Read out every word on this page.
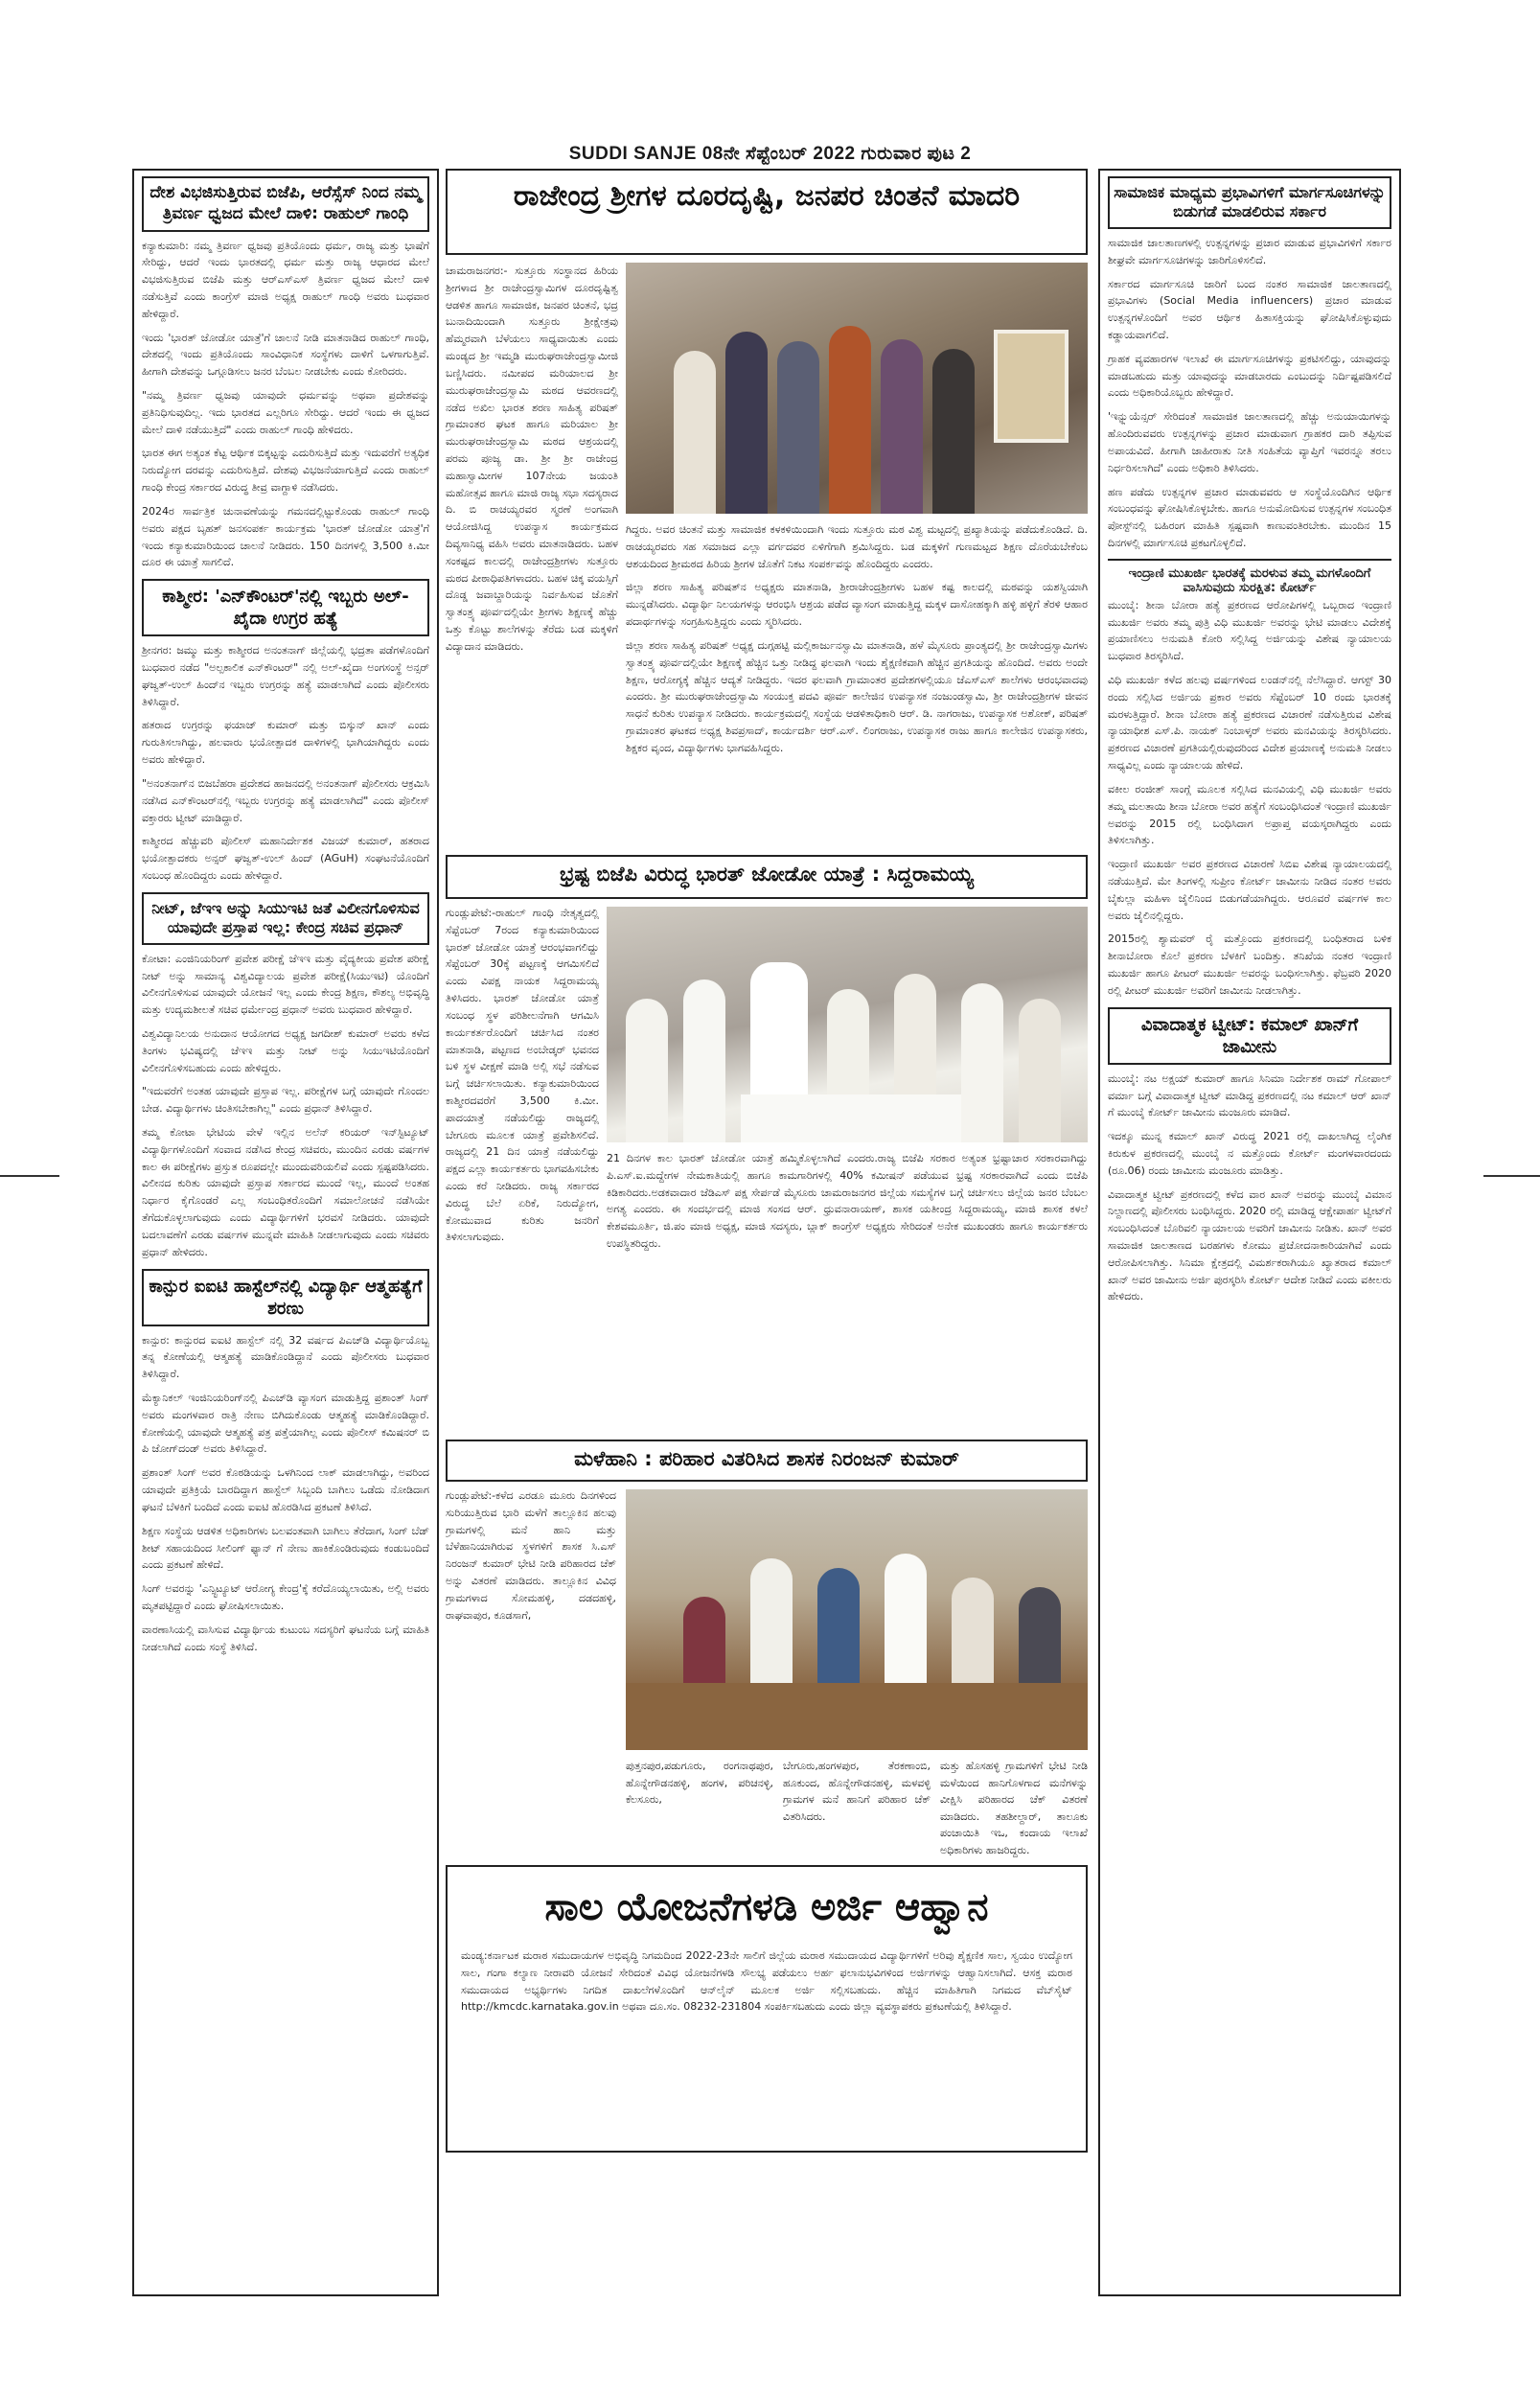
SUDDI SANJE 08ನೇ ಸೆಪ್ಟೆಂಬರ್ 2022 ಗುರುವಾರ ಪುಟ 2
ದೇಶ ವಿಭಜಿಸುತ್ತಿರುವ ಬಿಜೆಪಿ, ಆರೆಸ್ಸೆಸ್ ನಿಂದ ನಮ್ಮ ತ್ರಿವರ್ಣ ಧ್ವಜದ ಮೇಲೆ ದಾಳಿ: ರಾಹುಲ್ ಗಾಂಧಿ

ಕನ್ಯಾಕುಮಾರಿ: ನಮ್ಮ ತ್ರಿವರ್ಣ ಧ್ವಜವು ಪ್ರತಿಯೊಂದು ಧರ್ಮ, ರಾಜ್ಯ ಮತ್ತು ಭಾಷೆಗೆ ಸೇರಿದ್ದು, ಆದರೆ ಇಂದು ಭಾರತದಲ್ಲಿ ಧರ್ಮ ಮತ್ತು ರಾಜ್ಯ ಆಧಾರದ ಮೇಲೆ ವಿಭಜಿಸುತ್ತಿರುವ ಬಿಜೆಪಿ ಮತ್ತು ಆರ್‌ಎಸ್‌ಎಸ್ ತ್ರಿವರ್ಣ ಧ್ವಜದ ಮೇಲೆ ದಾಳಿ ನಡೆಸುತ್ತಿವೆ ಎಂದು ಕಾಂಗ್ರೆಸ್ ಮಾಜಿ ಅಧ್ಯಕ್ಷ ರಾಹುಲ್ ಗಾಂಧಿ ಅವರು ಬುಧವಾರ ಹೇಳಿದ್ದಾರೆ.

ಇಂದು 'ಭಾರತ್ ಜೋಡೋ ಯಾತ್ರೆ'ಗೆ ಚಾಲನೆ ನೀಡಿ ಮಾತನಾಡಿದ ರಾಹುಲ್ ಗಾಂಧಿ, ದೇಶದಲ್ಲಿ ಇಂದು ಪ್ರತಿಯೊಂದು ಸಾಂವಿಧಾನಿಕ ಸಂಸ್ಥೆಗಳು ದಾಳಿಗೆ ಒಳಗಾಗುತ್ತಿವೆ. ಹೀಗಾಗಿ ದೇಶವನ್ನು ಒಗ್ಗೂಡಿಸಲು ಜನರ ಬೆಂಬಲ ನೀಡಬೇಕು ಎಂದು ಕೋರಿದರು.

"ನಮ್ಮ ತ್ರಿವರ್ಣ ಧ್ವಜವು ಯಾವುದೇ ಧರ್ಮವನ್ನು ಅಥವಾ ಪ್ರದೇಶವನ್ನು ಪ್ರತಿನಿಧಿಸುವುದಿಲ್ಲ. ಇದು ಭಾರತದ ಎಲ್ಲರಿಗೂ ಸೇರಿದ್ದು. ಆದರೆ ಇಂದು ಈ ಧ್ವಜದ ಮೇಲೆ ದಾಳಿ ನಡೆಯುತ್ತಿದೆ" ಎಂದು ರಾಹುಲ್ ಗಾಂಧಿ ಹೇಳಿದರು.

ಭಾರತ ಈಗ ಅತ್ಯಂತ ಕೆಟ್ಟ ಆರ್ಥಿಕ ಬಿಕ್ಕಟ್ಟನ್ನು ಎದುರಿಸುತ್ತಿದೆ ಮತ್ತು ಇದುವರೆಗೆ ಅತ್ಯಧಿಕ ನಿರುದ್ಯೋಗ ದರವನ್ನು ಎದುರಿಸುತ್ತಿದೆ. ದೇಶವು ವಿಭಜನೆಯಾಗುತ್ತಿದೆ ಎಂದು ರಾಹುಲ್ ಗಾಂಧಿ ಕೇಂದ್ರ ಸರ್ಕಾರದ ವಿರುದ್ಧ ತೀವ್ರ ವಾಗ್ದಾಳಿ ನಡೆಸಿದರು.

2024ರ ಸಾರ್ವತ್ರಿಕ ಚುನಾವಣೆಯನ್ನು ಗಮನದಲ್ಲಿಟ್ಟುಕೊಂಡು ರಾಹುಲ್ ಗಾಂಧಿ ಅವರು ಪಕ್ಷದ ಬೃಹತ್ ಜನಸಂಪರ್ಕ ಕಾರ್ಯಕ್ರಮ 'ಭಾರತ್ ಜೋಡೋ ಯಾತ್ರೆ'ಗೆ ಇಂದು ಕನ್ಯಾಕುಮಾರಿಯಿಂದ ಚಾಲನೆ ನೀಡಿದರು. 150 ದಿನಗಳಲ್ಲಿ 3,500 ಕಿ.ಮೀ ದೂರ ಈ ಯಾತ್ರೆ ಸಾಗಲಿದೆ.

ಕಾಶ್ಮೀರ: 'ಎನ್‌ಕೌಂಟರ್'ನಲ್ಲಿ ಇಬ್ಬರು ಅಲ್-ಖೈದಾ ಉಗ್ರರ ಹತ್ಯೆ

ಶ್ರೀನಗರ: ಜಮ್ಮು ಮತ್ತು ಕಾಶ್ಮೀರದ ಅನಂತನಾಗ್ ಜಿಲ್ಲೆಯಲ್ಲಿ ಭದ್ರತಾ ಪಡೆಗಳೊಂದಿಗೆ ಬುಧವಾರ ನಡೆದ "ಅಲ್ಪಕಾಲಿಕ ಎನ್‌ಕೌಂಟರ್" ನಲ್ಲಿ ಅಲ್-ಖೈದಾ ಅಂಗಸಂಸ್ಥೆ ಅನ್ಸರ್ ಘಜ್ವತ್-ಉಲ್ ಹಿಂದ್‌ನ ಇಬ್ಬರು ಉಗ್ರರನ್ನು ಹತ್ಯೆ ಮಾಡಲಾಗಿದೆ ಎಂದು ಪೊಲೀಸರು ತಿಳಿಸಿದ್ದಾರೆ.

ಹತರಾದ ಉಗ್ರರನ್ನು ಫಯಾಜ್ ಕುಮಾರ್ ಮತ್ತು ಬಿಸ್ಕುನ್ ಖಾನ್ ಎಂದು ಗುರುತಿಸಲಾಗಿದ್ದು, ಹಲವಾರು ಭಯೋತ್ಪಾದಕ ದಾಳಿಗಳಲ್ಲಿ ಭಾಗಿಯಾಗಿದ್ದರು ಎಂದು ಅವರು ಹೇಳಿದ್ದಾರೆ.

"ಅನಂತನಾಗ್‌ನ ಬಿಜಬೆಹರಾ ಪ್ರದೇಶದ ಹಾಜನದಲ್ಲಿ ಅನಂತನಾಗ್ ಪೊಲೀಸರು ಆಕ್ರಮಿಸಿ ನಡೆಸಿದ ಎನ್‌ಕೌಂಟರ್‌ನಲ್ಲಿ ಇಬ್ಬರು ಉಗ್ರರನ್ನು ಹತ್ಯೆ ಮಾಡಲಾಗಿದೆ" ಎಂದು ಪೊಲೀಸ್ ವಕ್ತಾರರು ಟ್ವೀಟ್ ಮಾಡಿದ್ದಾರೆ.

ಕಾಶ್ಮೀರದ ಹೆಚ್ಚುವರಿ ಪೊಲೀಸ್ ಮಹಾನಿರ್ದೇಶಕ ವಿಜಯ್ ಕುಮಾರ್, ಹತರಾದ ಭಯೋತ್ಪಾದಕರು ಅನ್ಸರ್ ಘಜ್ವತ್-ಉಲ್ ಹಿಂದ್ (AGuH) ಸಂಘಟನೆಯೊಂದಿಗೆ ಸಂಬಂಧ ಹೊಂದಿದ್ದರು ಎಂದು ಹೇಳಿದ್ದಾರೆ.

ನೀಟ್, ಜೆಇಇ ಅನ್ನು ಸಿಯುಇಟಿ ಜತೆ ವಿಲೀನಗೊಳಿಸುವ ಯಾವುದೇ ಪ್ರಸ್ತಾಪ ಇಲ್ಲ: ಕೇಂದ್ರ ಸಚಿವ ಪ್ರಧಾನ್

ಕೋಟಾ: ಎಂಜಿನಿಯರಿಂಗ್ ಪ್ರವೇಶ ಪರೀಕ್ಷೆ ಜೆಇಇ ಮತ್ತು ವೈದ್ಯಕೀಯ ಪ್ರವೇಶ ಪರೀಕ್ಷೆ ನೀಟ್ ಅನ್ನು ಸಾಮಾನ್ಯ ವಿಶ್ವವಿದ್ಯಾಲಯ ಪ್ರವೇಶ ಪರೀಕ್ಷೆ(ಸಿಯುಇಟಿ) ಯೊಂದಿಗೆ ವಿಲೀನಗೊಳಿಸುವ ಯಾವುದೇ ಯೋಜನೆ ಇಲ್ಲ ಎಂದು ಕೇಂದ್ರ ಶಿಕ್ಷಣ, ಕೌಶಲ್ಯ ಅಭಿವೃದ್ಧಿ ಮತ್ತು ಉದ್ಯಮಶೀಲತೆ ಸಚಿವ ಧರ್ಮೇಂದ್ರ ಪ್ರಧಾನ್ ಅವರು ಬುಧವಾರ ಹೇಳಿದ್ದಾರೆ.

ವಿಶ್ವವಿದ್ಯಾನಿಲಯ ಅನುದಾನ ಆಯೋಗದ ಅಧ್ಯಕ್ಷ ಜಗದೀಶ್ ಕುಮಾರ್ ಅವರು ಕಳೆದ ತಿಂಗಳು ಭವಿಷ್ಯದಲ್ಲಿ ಜೆಇಇ ಮತ್ತು ನೀಟ್ ಅನ್ನು ಸಿಯುಇಟಿಯೊಂದಿಗೆ ವಿಲೀನಗೊಳಿಸಬಹುದು ಎಂದು ಹೇಳಿದ್ದರು.

"ಇದುವರೆಗೆ ಅಂತಹ ಯಾವುದೇ ಪ್ರಸ್ತಾಪ ಇಲ್ಲ. ಪರೀಕ್ಷೆಗಳ ಬಗ್ಗೆ ಯಾವುದೇ ಗೊಂದಲ ಬೇಡ. ವಿದ್ಯಾರ್ಥಿಗಳು ಚಿಂತಿಸಬೇಕಾಗಿಲ್ಲ" ಎಂದು ಪ್ರಧಾನ್ ತಿಳಿಸಿದ್ದಾರೆ.

ತಮ್ಮ ಕೋಟಾ ಭೇಟಿಯ ವೇಳೆ ಇಲ್ಲಿನ ಅಲೆನ್ ಕರಿಯರ್ ಇನ್‌ಸ್ಟಿಟ್ಯೂಟ್ ವಿದ್ಯಾರ್ಥಿಗಳೊಂದಿಗೆ ಸಂವಾದ ನಡೆಸಿದ ಕೇಂದ್ರ ಸಚಿವರು, ಮುಂದಿನ ಎರಡು ವರ್ಷಗಳ ಕಾಲ ಈ ಪರೀಕ್ಷೆಗಳು ಪ್ರಸ್ತುತ ರೂಪದಲ್ಲೇ ಮುಂದುವರಿಯಲಿವೆ ಎಂದು ಸ್ಪಷ್ಟಪಡಿಸಿದರು. ವಿಲೀನದ ಕುರಿತು ಯಾವುದೇ ಪ್ರಸ್ತಾಪ ಸರ್ಕಾರದ ಮುಂದೆ ಇಲ್ಲ, ಮುಂದೆ ಅಂತಹ ನಿರ್ಧಾರ ಕೈಗೊಂಡರೆ ಎಲ್ಲ ಸಂಬಂಧಿತರೊಂದಿಗೆ ಸಮಾಲೋಚನೆ ನಡೆಸಿಯೇ ತೆಗೆದುಕೊಳ್ಳಲಾಗುವುದು ಎಂದು ವಿದ್ಯಾರ್ಥಿಗಳಿಗೆ ಭರವಸೆ ನೀಡಿದರು. ಯಾವುದೇ ಬದಲಾವಣೆಗೆ ಎರಡು ವರ್ಷಗಳ ಮುನ್ನವೇ ಮಾಹಿತಿ ನೀಡಲಾಗುವುದು ಎಂದು ಸಚಿವರು ಪ್ರಧಾನ್ ಹೇಳಿದರು.

ಕಾನ್ಪುರ ಐಐಟಿ ಹಾಸ್ಟೆಲ್‌ನಲ್ಲಿ ವಿದ್ಯಾರ್ಥಿ ಆತ್ಮಹತ್ಯೆಗೆ ಶರಣು

ಕಾನ್ಪುರ: ಕಾನ್ಪುರದ ಐಐಟಿ ಹಾಸ್ಟೆಲ್ ನಲ್ಲಿ 32 ವರ್ಷದ ಪಿಎಚ್‌ಡಿ ವಿದ್ಯಾರ್ಥಿಯೊಬ್ಬ ತನ್ನ ಕೋಣೆಯಲ್ಲಿ ಆತ್ಮಹತ್ಯೆ ಮಾಡಿಕೊಂಡಿದ್ದಾನೆ ಎಂದು ಪೊಲೀಸರು ಬುಧವಾರ ತಿಳಿಸಿದ್ದಾರೆ.

ಮೆಕ್ಯಾನಿಕಲ್ ಇಂಜಿನಿಯರಿಂಗ್‌ನಲ್ಲಿ ಪಿಎಚ್‌ಡಿ ವ್ಯಾಸಂಗ ಮಾಡುತ್ತಿದ್ದ ಪ್ರಶಾಂತ್ ಸಿಂಗ್ ಅವರು ಮಂಗಳವಾರ ರಾತ್ರಿ ನೇಣು ಬಿಗಿದುಕೊಂಡು ಆತ್ಮಹತ್ಯೆ ಮಾಡಿಕೊಂಡಿದ್ದಾರೆ. ಕೋಣೆಯಲ್ಲಿ ಯಾವುದೇ ಆತ್ಮಹತ್ಯೆ ಪತ್ರ ಪತ್ತೆಯಾಗಿಲ್ಲ ಎಂದು ಪೊಲೀಸ್ ಕಮಿಷನರ್ ಬಿ ಪಿ ಜೋಗ್‌ದಂಡ್ ಅವರು ತಿಳಿಸಿದ್ದಾರೆ.

ಪ್ರಶಾಂತ್ ಸಿಂಗ್ ಅವರ ಕೊಠಡಿಯನ್ನು ಒಳಗಿನಿಂದ ಲಾಕ್ ಮಾಡಲಾಗಿದ್ದು, ಅವರಿಂದ ಯಾವುದೇ ಪ್ರತಿಕ್ರಿಯೆ ಬಾರದಿದ್ದಾಗ ಹಾಸ್ಟೆಲ್ ಸಿಬ್ಬಂದಿ ಬಾಗಿಲು ಒಡೆದು ನೋಡಿದಾಗ ಘಟನೆ ಬೆಳಕಿಗೆ ಬಂದಿದೆ ಎಂದು ಐಐಟಿ ಹೊರಡಿಸಿದ ಪ್ರಕಟಣೆ ತಿಳಿಸಿದೆ.

ಶಿಕ್ಷಣ ಸಂಸ್ಥೆಯ ಆಡಳಿತ ಅಧಿಕಾರಿಗಳು ಬಲವಂತವಾಗಿ ಬಾಗಿಲು ತೆರೆದಾಗ, ಸಿಂಗ್ ಬೆಡ್ ಶೀಟ್ ಸಹಾಯದಿಂದ ಸೀಲಿಂಗ್ ಫ್ಯಾನ್ ಗೆ ನೇಣು ಹಾಕಿಕೊಂಡಿರುವುದು ಕಂಡುಬಂದಿದೆ ಎಂದು ಪ್ರಕಟಣೆ ಹೇಳಿದೆ.

ಸಿಂಗ್ ಅವರನ್ನು 'ಎನ್ಸ್ಟಿಟ್ಯೂಟ್ ಆರೋಗ್ಯ ಕೇಂದ್ರ'ಕ್ಕೆ ಕರೆದೊಯ್ಯಲಾಯಿತು, ಅಲ್ಲಿ ಅವರು ಮೃತಪಟ್ಟಿದ್ದಾರೆ ಎಂದು ಘೋಷಿಸಲಾಯಿತು.

ವಾರಣಾಸಿಯಲ್ಲಿ ವಾಸಿಸುವ ವಿದ್ಯಾರ್ಥಿಯ ಕುಟುಂಬ ಸದಸ್ಯರಿಗೆ ಘಟನೆಯ ಬಗ್ಗೆ ಮಾಹಿತಿ ನೀಡಲಾಗಿದೆ ಎಂದು ಸಂಸ್ಥೆ ತಿಳಿಸಿದೆ.

ರಾಜೇಂದ್ರ ಶ್ರೀಗಳ ದೂರದೃಷ್ಟಿ, ಜನಪರ ಚಿಂತನೆ ಮಾದರಿ

ಚಾಮರಾಜನಗರ:- ಸುತ್ತೂರು ಸಂಸ್ಥಾನದ ಹಿರಿಯ ಶ್ರೀಗಳಾದ ಶ್ರೀ ರಾಜೇಂದ್ರಸ್ವಾಮಿಗಳ ದೂರದೃಷ್ಟಿತ್ವ ಆಡಳಿತ ಹಾಗೂ ಸಾಮಾಜಿಕ, ಜನಪರ ಚಿಂತನೆ, ಭದ್ರ ಬುನಾದಿಯಿಂದಾಗಿ ಸುತ್ತೂರು ಶ್ರೀಕ್ಷೇತ್ರವು ಹೆಮ್ಮರವಾಗಿ ಬೆಳೆಯಲು ಸಾಧ್ಯವಾಯಿತು ಎಂದು ಮಂಡ್ಯದ ಶ್ರೀ ಇಮ್ಮಡಿ ಮುರುಘರಾಜೇಂದ್ರಸ್ವಾಮೀಜಿ ಬಣ್ಣಿಸಿದರು. ನಮೀಪದ ಮರಿಯಾಲದ ಶ್ರೀ ಮುರುಘರಾಜೇಂದ್ರಸ್ವಾಮಿ ಮಠದ ಆವರಣದಲ್ಲಿ ನಡೆದ ಅಖಿಲ ಭಾರತ ಶರಣ ಸಾಹಿತ್ಯ ಪರಿಷತ್ ಗ್ರಾಮಾಂತರ ಘಟಕ ಹಾಗೂ ಮರಿಯಾಲ ಶ್ರೀ ಮುರುಘರಾಜೇಂದ್ರಸ್ವಾಮಿ ಮಠದ ಆಶ್ರಯದಲ್ಲಿ ಪರಮ ಪೂಜ್ಯ ಡಾ. ಶ್ರೀ ಶ್ರೀ ರಾಜೇಂದ್ರ ಮಹಾಸ್ವಾಮೀಗಳ 107ನೇಯ ಜಯಂತಿ ಮಹೋತ್ಸವ ಹಾಗೂ ಮಾಜಿ ರಾಜ್ಯ ಸಭಾ ಸದಸ್ಯರಾದ ದಿ. ಬಿ ರಾಚಯ್ಯರವರ ಸ್ಮರಣೆ ಅಂಗವಾಗಿ ಆಯೋಜಿಸಿದ್ದ ಉಪನ್ಯಾಸ ಕಾರ್ಯಕ್ರಮದ ದಿವ್ಯಸಾನಿಧ್ಯ ವಹಿಸಿ ಅವರು ಮಾತನಾಡಿದರು. ಬಹಳ ಸಂಕಷ್ಟದ ಕಾಲದಲ್ಲಿ ರಾಜೇಂದ್ರಶ್ರೀಗಳು ಸುತ್ತೂರು ಮಠದ ಪೀಠಾಧಿಪತಿಗಳಾದರು. ಬಹಳ ಚಿಕ್ಕ ವಯಸ್ಸಿಗೆ ದೊಡ್ಡ ಜವಾಬ್ದಾರಿಯನ್ನು ನಿರ್ವಹಿಸುವ ಜೊತೆಗೆ ಸ್ವಾತಂತ್ರ್ಯ ಪೂರ್ವದಲ್ಲಿಯೇ ಶ್ರೀಗಳು ಶಿಕ್ಷಣಕ್ಕೆ ಹೆಚ್ಚು ಒತ್ತು ಕೊಟ್ಟು ಶಾಲೆಗಳನ್ನು ತೆರೆದು ಬಡ ಮಕ್ಕಳಿಗೆ ವಿದ್ಯಾದಾನ ಮಾಡಿದರು.

ಗಿದ್ದರು. ಅವರ ಚಿಂತನೆ ಮತ್ತು ಸಾಮಾಜಿಕ ಕಳಕಳಿಯಿಂದಾಗಿ ಇಂದು ಸುತ್ತೂರು ಮಠ ವಿಶ್ವ ಮಟ್ಟದಲ್ಲಿ ಪ್ರಖ್ಯಾತಿಯನ್ನು ಪಡೆದುಕೊಂಡಿದೆ. ದಿ. ರಾಚಯ್ಯರವರು ಸಹ ಸಮಾಜದ ಎಲ್ಲಾ ವರ್ಗದವರ ಏಳಿಗೆಗಾಗಿ ಶ್ರಮಿಸಿದ್ದರು. ಬಡ ಮಕ್ಕಳಿಗೆ ಗುಣಮಟ್ಟದ ಶಿಕ್ಷಣ ದೊರೆಯಬೇಕೆಂಬ ಆಶಯದಿಂದ ಶ್ರೀಮಠದ ಹಿರಿಯ ಶ್ರೀಗಳ ಜೊತೆಗೆ ನಿಕಟ ಸಂಪರ್ಕವನ್ನು ಹೊಂದಿದ್ದರು ಎಂದರು.

ಜಿಲ್ಲಾ ಶರಣ ಸಾಹಿತ್ಯ ಪರಿಷತ್‌ನ ಅಧ್ಯಕ್ಷರು ಮಾತನಾಡಿ, ಶ್ರೀರಾಜೇಂದ್ರಶ್ರೀಗಳು ಬಹಳ ಕಷ್ಟ ಕಾಲದಲ್ಲಿ ಮಠವನ್ನು ಯಶಸ್ವಿಯಾಗಿ ಮುನ್ನಡೆಸಿದರು. ವಿದ್ಯಾರ್ಥಿ ನಿಲಯಗಳನ್ನು ಆರಂಭಿಸಿ ಆಶ್ರಯ ಪಡೆದ ವ್ಯಾಸಂಗ ಮಾಡುತ್ತಿದ್ದ ಮಕ್ಕಳ ದಾಸೋಹಕ್ಕಾಗಿ ಹಳ್ಳಿ ಹಳ್ಳಿಗೆ ತೆರಳಿ ಆಹಾರ ಪದಾರ್ಥಗಳನ್ನು ಸಂಗ್ರಹಿಸುತ್ತಿದ್ದರು ಎಂದು ಸ್ಮರಿಸಿದರು.

ಜಿಲ್ಲಾ ಶರಣ ಸಾಹಿತ್ಯ ಪರಿಷತ್ ಅಧ್ಯಕ್ಷ ದುಗ್ಗಹಟ್ಟಿ ಮಲ್ಲಿಕಾರ್ಜುನಸ್ವಾಮಿ ಮಾತನಾಡಿ, ಹಳೆ ಮೈಸೂರು ಪ್ರಾಂತ್ಯದಲ್ಲಿ ಶ್ರೀ ರಾಜೇಂದ್ರಸ್ವಾಮಿಗಳು ಸ್ವಾತಂತ್ರ್ಯ ಪೂರ್ವದಲ್ಲಿಯೇ ಶಿಕ್ಷಣಕ್ಕೆ ಹೆಚ್ಚಿನ ಒತ್ತು ನೀಡಿದ್ದ ಫಲವಾಗಿ ಇಂದು ಶೈಕ್ಷಣಿಕವಾಗಿ ಹೆಚ್ಚಿನ ಪ್ರಗತಿಯನ್ನು ಹೊಂದಿದೆ. ಅವರು ಅಂದೇ ಶಿಕ್ಷಣ, ಆರೋಗ್ಯಕ್ಕೆ ಹೆಚ್ಚಿನ ಆದ್ಯತೆ ನೀಡಿದ್ದರು. ಇದರ ಫಲವಾಗಿ ಗ್ರಾಮಾಂತರ ಪ್ರದೇಶಗಳಲ್ಲಿಯೂ ಜೆಎಸ್‌ಎಸ್ ಶಾಲೆಗಳು ಆರಂಭವಾದವು ಎಂದರು. ಶ್ರೀ ಮುರುಘರಾಜೇಂದ್ರಸ್ವಾಮಿ ಸಂಯುಕ್ತ ಪದವಿ ಪೂರ್ವ ಕಾಲೇಜಿನ ಉಪನ್ಯಾಸಕ ನಂಜುಂಡಸ್ವಾಮಿ, ಶ್ರೀ ರಾಜೇಂದ್ರಶ್ರೀಗಳ ಜೀವನ ಸಾಧನೆ ಕುರಿತು ಉಪನ್ಯಾಸ ನೀಡಿದರು. ಕಾರ್ಯಕ್ರಮದಲ್ಲಿ ಸಂಸ್ಥೆಯ ಆಡಳಿತಾಧಿಕಾರಿ ಆರ್. ಡಿ. ನಾಗರಾಜು, ಉಪನ್ಯಾಸಕ ಅಶೋಕ್, ಪರಿಷತ್ ಗ್ರಾಮಾಂತರ ಘಟಕದ ಅಧ್ಯಕ್ಷ ಶಿವಪ್ರಸಾದ್, ಕಾರ್ಯದರ್ಶಿ ಆರ್.ಎಸ್. ಲಿಂಗರಾಜು, ಉಪನ್ಯಾಸಕ ರಾಜು ಹಾಗೂ ಕಾಲೇಜಿನ ಉಪನ್ಯಾಸಕರು, ಶಿಕ್ಷಕರ ವೃಂದ, ವಿದ್ಯಾರ್ಥಿಗಳು ಭಾಗವಹಿಸಿದ್ದರು.

ಭ್ರಷ್ಟ ಬಿಜೆಪಿ ವಿರುದ್ಧ ಭಾರತ್ ಜೋಡೋ ಯಾತ್ರೆ : ಸಿದ್ದರಾಮಯ್ಯ

ಗುಂಡ್ಲುಪೇಟೆ:-ರಾಹುಲ್ ಗಾಂಧಿ ನೇತೃತ್ವದಲ್ಲಿ ಸೆಪ್ಟೆಂಬರ್ 7ರಂದ ಕನ್ಯಾಕುಮಾರಿಯಿಂದ ಭಾರತ್ ಜೋಡೋ ಯಾತ್ರೆ ಆರಂಭವಾಗಲಿದ್ದು ಸೆಪ್ಟೆಂಬರ್ 30ಕ್ಕೆ ಪಟ್ಟಣಕ್ಕೆ ಆಗಮಿಸಲಿದೆ ಎಂದು ವಿಪಕ್ಷ ನಾಯಕ ಸಿದ್ದರಾಮಯ್ಯ ತಿಳಿಸಿದರು. ಭಾರತ್ ಜೋಡೋ ಯಾತ್ರೆ ಸಂಬಂಧ ಸ್ಥಳ ಪರಿಶೀಲನೆಗಾಗಿ ಆಗಮಿಸಿ ಕಾರ್ಯಕರ್ತರೊಂದಿಗೆ ಚರ್ಚಿಸಿದ ನಂತರ ಮಾತನಾಡಿ, ಪಟ್ಟಣದ ಅಂಬೇಡ್ಕರ್ ಭವನದ ಬಳಿ ಸ್ಥಳ ವೀಕ್ಷಣೆ ಮಾಡಿ ಅಲ್ಲಿ ಸಭೆ ನಡೆಸುವ ಬಗ್ಗೆ ಚರ್ಚಿಸಲಾಯಿತು. ಕನ್ಯಾಕುಮಾರಿಯಿಂದ ಕಾಶ್ಮೀರದವರೆಗೆ 3,500 ಕಿ.ಮೀ. ಪಾದಯಾತ್ರೆ ನಡೆಯಲಿದ್ದು ರಾಜ್ಯದಲ್ಲಿ ಬೇಗೂರು ಮೂಲಕ ಯಾತ್ರೆ ಪ್ರವೇಶಿಸಲಿದೆ. ರಾಜ್ಯದಲ್ಲಿ 21 ದಿನ ಯಾತ್ರೆ ನಡೆಯಲಿದ್ದು ಪಕ್ಷದ ಎಲ್ಲಾ ಕಾರ್ಯಕರ್ತರು ಭಾಗವಹಿಸಬೇಕು ಎಂದು ಕರೆ ನೀಡಿದರು. ರಾಜ್ಯ ಸರ್ಕಾರದ ವಿರುದ್ಧ ಬೆಲೆ ಏರಿಕೆ, ನಿರುದ್ಯೋಗ, ಕೋಮುವಾದ ಕುರಿತು ಜನರಿಗೆ ತಿಳಿಸಲಾಗುವುದು.

21 ದಿನಗಳ ಕಾಲ ಭಾರತ್ ಜೋಡೋ ಯಾತ್ರೆ ಹಮ್ಮಿಕೊಳ್ಳಲಾಗಿದೆ ಎಂದರು.ರಾಜ್ಯ ಬಿಜೆಪಿ ಸರಕಾರ ಅತ್ಯಂತ ಭ್ರಷ್ಟಾಚಾರ ಸರಕಾರವಾಗಿದ್ದು ಪಿ.ಎಸ್.ಐ.ಮದ್ದೇಗಳ ನೇಮಕಾತಿಯಲ್ಲಿ ಹಾಗೂ ಕಾಮಗಾರಿಗಳಲ್ಲಿ 40% ಕಮೀಷನ್ ಪಡೆಯುವ ಭ್ರಷ್ಟ ಸರಕಾರವಾಗಿದೆ ಎಂದು ಬಿಜೆಪಿ ಕಿಡಿಕಾರಿದರು.ಅಡಕವಾದಾರ ಜೆಡಿಎಸ್ ಪಕ್ಷ ಸೇರ್ಪಡೆ ಮೈಸೂರು ಚಾಮರಾಜನಗರ ಜಿಲ್ಲೆಯ ಸಮಸ್ಯೆಗಳ ಬಗ್ಗೆ ಚರ್ಚಿಸಲು ಜಿಲ್ಲೆಯ ಜನರ ಬೆಂಬಲ ಅಗತ್ಯ ಎಂದರು. ಈ ಸಂದರ್ಭದಲ್ಲಿ ಮಾಜಿ ಸಂಸದ ಆರ್. ಧ್ರುವನಾರಾಯಣ್, ಶಾಸಕ ಯತೀಂದ್ರ ಸಿದ್ದರಾಮಯ್ಯ, ಮಾಜಿ ಶಾಸಕ ಕಳಲೆ ಕೇಶವಮೂರ್ತಿ, ಜಿ.ಪಂ ಮಾಜಿ ಅಧ್ಯಕ್ಷ, ಮಾಜಿ ಸದಸ್ಯರು, ಬ್ಲಾಕ್ ಕಾಂಗ್ರೆಸ್ ಅಧ್ಯಕ್ಷರು ಸೇರಿದಂತೆ ಅನೇಕ ಮುಖಂಡರು ಹಾಗೂ ಕಾರ್ಯಕರ್ತರು ಉಪಸ್ಥಿತರಿದ್ದರು.

ಮಳೆಹಾನಿ : ಪರಿಹಾರ ವಿತರಿಸಿದ ಶಾಸಕ ನಿರಂಜನ್ ಕುಮಾರ್

ಗುಂಡ್ಲುಪೇಟೆ:-ಕಳೆದ ಎರಡೂ ಮೂರು ದಿನಗಳಿಂದ ಸುರಿಯುತ್ತಿರುವ ಭಾರಿ ಮಳೆಗೆ ತಾಲ್ಲೂಕಿನ ಹಲವು ಗ್ರಾಮಗಳಲ್ಲಿ ಮನೆ ಹಾನಿ ಮತ್ತು ಬೆಳೆಹಾನಿಯಾಗಿರುವ ಸ್ಥಳಗಳಿಗೆ ಶಾಸಕ ಸಿ.ಎಸ್ ನಿರಂಜನ್ ಕುಮಾರ್ ಭೇಟಿ ನೀಡಿ ಪರಿಹಾರದ ಚೆಕ್ ಅನ್ನು ವಿತರಣೆ ಮಾಡಿದರು. ತಾಲ್ಲೂಕಿನ ವಿವಿಧ ಗ್ರಾಮಗಳಾದ ಸೋಮಹಳ್ಳಿ, ದಡದಹಳ್ಳಿ, ರಾಘವಾಪುರ, ಕೂಡಸಾಗೆ,

ಪುತ್ತನಪುರ,ಪಡುಗೂರು, ರಂಗನಾಥಪುರ, ಹೊನ್ನೇಗೌಡನಹಳ್ಳಿ, ಹಂಗಳ, ಪರಿಚನಳ್ಳಿ, ಕೆಲಸೂರು,

ಬೇಗೂರು,ಹಂಗಳಪುರ, ತೆರಕಣಾಂಬಿ, ಹೂಕುಂದ, ಹೊನ್ನೇಗೌಡನಹಳ್ಳಿ, ಮಳವಳ್ಳಿ ಗ್ರಾಮಗಳ ಮನೆ ಹಾನಿಗೆ ಪರಿಹಾರ ಚೆಕ್ ವಿತರಿಸಿದರು.

ಮತ್ತು ಹೊಸಹಳ್ಳಿ ಗ್ರಾಮಗಳಿಗೆ ಭೇಟಿ ನೀಡಿ ಮಳೆಯಿಂದ ಹಾನಿಗೊಳಗಾದ ಮನೆಗಳನ್ನು ವೀಕ್ಷಿಸಿ ಪರಿಹಾರದ ಚೆಕ್ ವಿತರಣೆ ಮಾಡಿದರು. ತಹಶೀಲ್ದಾರ್, ತಾಲೂಕು ಪಂಚಾಯಿತಿ ಇಒ, ಕಂದಾಯ ಇಲಾಖೆ ಅಧಿಕಾರಿಗಳು ಹಾಜರಿದ್ದರು.

ಸಾಲ ಯೋಜನೆಗಳಡಿ ಅರ್ಜಿ ಆಹ್ವಾನ

ಮಂಡ್ಯ:ಕರ್ನಾಟಕ ಮರಾಠ ಸಮುದಾಯಗಳ ಅಭಿವೃದ್ಧಿ ನಿಗಮದಿಂದ 2022-23ನೇ ಸಾಲಿಗೆ ಜಿಲ್ಲೆಯ ಮರಾಠ ಸಮುದಾಯದ ವಿದ್ಯಾರ್ಥಿಗಳಿಗೆ ಅರಿವು ಶೈಕ್ಷಣಿಕ ಸಾಲ, ಸ್ವಯಂ ಉದ್ಯೋಗ ಸಾಲ, ಗಂಗಾ ಕಲ್ಯಾಣ ನೀರಾವರಿ ಯೋಜನೆ ಸೇರಿದಂತೆ ವಿವಿಧ ಯೋಜನೆಗಳಡಿ ಸೌಲಭ್ಯ ಪಡೆಯಲು ಅರ್ಹ ಫಲಾನುಭವಿಗಳಿಂದ ಅರ್ಜಿಗಳನ್ನು ಆಹ್ವಾನಿಸಲಾಗಿದೆ. ಆಸಕ್ತ ಮರಾಠ ಸಮುದಾಯದ ಅಭ್ಯರ್ಥಿಗಳು ನಿಗದಿತ ದಾಖಲೆಗಳೊಂದಿಗೆ ಆನ್‌ಲೈನ್ ಮೂಲಕ ಅರ್ಜಿ ಸಲ್ಲಿಸಬಹುದು. ಹೆಚ್ಚಿನ ಮಾಹಿತಿಗಾಗಿ ನಿಗಮದ ವೆಬ್‌ಸೈಟ್ http://kmcdc.karnataka.gov.in ಅಥವಾ ದೂ.ಸಂ. 08232-231804 ಸಂಪರ್ಕಿಸಬಹುದು ಎಂದು ಜಿಲ್ಲಾ ವ್ಯವಸ್ಥಾಪಕರು ಪ್ರಕಟಣೆಯಲ್ಲಿ ತಿಳಿಸಿದ್ದಾರೆ.

ಸಾಮಾಜಿಕ ಮಾಧ್ಯಮ ಪ್ರಭಾವಿಗಳಿಗೆ ಮಾರ್ಗಸೂಚಿಗಳನ್ನು ಬಿಡುಗಡೆ ಮಾಡಲಿರುವ ಸರ್ಕಾರ

ಸಾಮಾಜಿಕ ಜಾಲತಾಣಗಳಲ್ಲಿ ಉತ್ಪನ್ನಗಳನ್ನು ಪ್ರಚಾರ ಮಾಡುವ ಪ್ರಭಾವಿಗಳಿಗೆ ಸರ್ಕಾರ ಶೀಘ್ರವೇ ಮಾರ್ಗಸೂಚಿಗಳನ್ನು ಜಾರಿಗೊಳಿಸಲಿದೆ.

ಸರ್ಕಾರದ ಮಾರ್ಗಸೂಚಿ ಜಾರಿಗೆ ಬಂದ ನಂತರ ಸಾಮಾಜಿಕ ಜಾಲತಾಣದಲ್ಲಿ ಪ್ರಭಾವಿಗಳು (Social Media influencers) ಪ್ರಚಾರ ಮಾಡುವ ಉತ್ಪನ್ನಗಳೊಂದಿಗೆ ಅವರ ಆರ್ಥಿಕ ಹಿತಾಸಕ್ತಿಯನ್ನು ಘೋಷಿಸಿಕೊಳ್ಳುವುದು ಕಡ್ಡಾಯವಾಗಲಿದೆ.

ಗ್ರಾಹಕ ವ್ಯವಹಾರಗಳ ಇಲಾಖೆ ಈ ಮಾರ್ಗಸೂಚಿಗಳನ್ನು ಪ್ರಕಟಿಸಲಿದ್ದು, ಯಾವುದನ್ನು ಮಾಡಬಹುದು ಮತ್ತು ಯಾವುದನ್ನು ಮಾಡಬಾರದು ಎಂಬುದನ್ನು ನಿರ್ದಿಷ್ಟಪಡಿಸಲಿದೆ ಎಂದು ಅಧಿಕಾರಿಯೊಬ್ಬರು ಹೇಳಿದ್ದಾರೆ.

'ಇನ್ಫ್ಲುಯೆನ್ಸರ್ ಸೇರಿದಂತೆ ಸಾಮಾಜಿಕ ಜಾಲತಾಣದಲ್ಲಿ ಹೆಚ್ಚು ಅನುಯಾಯಿಗಳನ್ನು ಹೊಂದಿರುವವರು ಉತ್ಪನ್ನಗಳನ್ನು ಪ್ರಚಾರ ಮಾಡುವಾಗ ಗ್ರಾಹಕರ ದಾರಿ ತಪ್ಪಿಸುವ ಅಪಾಯವಿದೆ. ಹೀಗಾಗಿ ಜಾಹೀರಾತು ನೀತಿ ಸಂಹಿತೆಯ ವ್ಯಾಪ್ತಿಗೆ ಇವರನ್ನೂ ತರಲು ನಿರ್ಧರಿಸಲಾಗಿದೆ' ಎಂದು ಅಧಿಕಾರಿ ತಿಳಿಸಿದರು.

ಹಣ ಪಡೆದು ಉತ್ಪನ್ನಗಳ ಪ್ರಚಾರ ಮಾಡುವವರು ಆ ಸಂಸ್ಥೆಯೊಂದಿಗಿನ ಆರ್ಥಿಕ ಸಂಬಂಧವನ್ನು ಘೋಷಿಸಿಕೊಳ್ಳಬೇಕು. ಹಾಗೂ ಅನುಮೋದಿಸುವ ಉತ್ಪನ್ನಗಳ ಸಂಬಂಧಿತ ಪೋಸ್ಟ್‌ನಲ್ಲಿ ಬಹಿರಂಗ ಮಾಹಿತಿ ಸ್ಪಷ್ಟವಾಗಿ ಕಾಣುವಂತಿರಬೇಕು. ಮುಂದಿನ 15 ದಿನಗಳಲ್ಲಿ ಮಾರ್ಗಸೂಚಿ ಪ್ರಕಟಗೊಳ್ಳಲಿದೆ.

ಇಂದ್ರಾಣಿ ಮುಖರ್ಜಿ ಭಾರತಕ್ಕೆ ಮರಳುವ ತಮ್ಮ ಮಗಳೊಂದಿಗೆ ವಾಸಿಸುವುದು ಸುರಕ್ಷಿತ: ಕೋರ್ಟ್

ಮುಂಬೈ: ಶೀನಾ ಬೋರಾ ಹತ್ಯೆ ಪ್ರಕರಣದ ಆರೋಪಿಗಳಲ್ಲಿ ಒಬ್ಬರಾದ ಇಂದ್ರಾಣಿ ಮುಖರ್ಜಿ ಅವರು ತಮ್ಮ ಪುತ್ರಿ ವಿಧಿ ಮುಖರ್ಜಿ ಅವರನ್ನು ಭೇಟಿ ಮಾಡಲು ವಿದೇಶಕ್ಕೆ ಪ್ರಯಾಣಿಸಲು ಅನುಮತಿ ಕೋರಿ ಸಲ್ಲಿಸಿದ್ದ ಅರ್ಜಿಯನ್ನು ವಿಶೇಷ ನ್ಯಾಯಾಲಯ ಬುಧವಾರ ತಿರಸ್ಕರಿಸಿದೆ.

ವಿಧಿ ಮುಖರ್ಜಿ ಕಳೆದ ಹಲವು ವರ್ಷಗಳಿಂದ ಲಂಡನ್‌ನಲ್ಲಿ ನೆಲೆಸಿದ್ದಾರೆ. ಆಗಸ್ಟ್ 30 ರಂದು ಸಲ್ಲಿಸಿದ ಅರ್ಜಿಯ ಪ್ರಕಾರ ಅವರು ಸೆಪ್ಟೆಂಬರ್ 10 ರಂದು ಭಾರತಕ್ಕೆ ಮರಳುತ್ತಿದ್ದಾರೆ. ಶೀನಾ ಬೋರಾ ಹತ್ಯೆ ಪ್ರಕರಣದ ವಿಚಾರಣೆ ನಡೆಸುತ್ತಿರುವ ವಿಶೇಷ ನ್ಯಾಯಾಧೀಶ ಎಸ್.ಪಿ. ನಾಯಕ್ ನಿಂಬಾಳ್ಕರ್ ಅವರು ಮನವಿಯನ್ನು ತಿರಸ್ಕರಿಸಿದರು. ಪ್ರಕರಣದ ವಿಚಾರಣೆ ಪ್ರಗತಿಯಲ್ಲಿರುವುದರಿಂದ ವಿದೇಶ ಪ್ರಯಾಣಕ್ಕೆ ಅನುಮತಿ ನೀಡಲು ಸಾಧ್ಯವಿಲ್ಲ ಎಂದು ನ್ಯಾಯಾಲಯ ಹೇಳಿದೆ.

ವಕೀಲ ರಂಜೀತ್ ಸಾಂಗ್ಲೆ ಮೂಲಕ ಸಲ್ಲಿಸಿದ ಮನವಿಯಲ್ಲಿ ವಿಧಿ ಮುಖರ್ಜಿ ಅವರು ತಮ್ಮ ಮಲತಾಯಿ ಶೀನಾ ಬೋರಾ ಅವರ ಹತ್ಯೆಗೆ ಸಂಬಂಧಿಸಿದಂತೆ ಇಂದ್ರಾಣಿ ಮುಖರ್ಜಿ ಅವರನ್ನು 2015 ರಲ್ಲಿ ಬಂಧಿಸಿದಾಗ ಅಪ್ರಾಪ್ತ ವಯಸ್ಕರಾಗಿದ್ದರು ಎಂದು ತಿಳಿಸಲಾಗಿತ್ತು.

ಇಂದ್ರಾಣಿ ಮುಖರ್ಜಿ ಅವರ ಪ್ರಕರಣದ ವಿಚಾರಣೆ ಸಿಬಿಐ ವಿಶೇಷ ನ್ಯಾಯಾಲಯದಲ್ಲಿ ನಡೆಯುತ್ತಿದೆ. ಮೇ ತಿಂಗಳಲ್ಲಿ ಸುಪ್ರೀಂ ಕೋರ್ಟ್ ಜಾಮೀನು ನೀಡಿದ ನಂತರ ಅವರು ಬೈಕುಲ್ಲಾ ಮಹಿಳಾ ಜೈಲಿನಿಂದ ಬಿಡುಗಡೆಯಾಗಿದ್ದರು. ಆರೂವರೆ ವರ್ಷಗಳ ಕಾಲ ಅವರು ಜೈಲಿನಲ್ಲಿದ್ದರು.

2015ರಲ್ಲಿ ಶ್ಯಾಮವರ್ ರೈ ಮತ್ತೊಂದು ಪ್ರಕರಣದಲ್ಲಿ ಬಂಧಿತರಾದ ಬಳಿಕ ಶೀನಾಬೋರಾ ಕೊಲೆ ಪ್ರಕರಣ ಬೆಳಕಿಗೆ ಬಂದಿತ್ತು. ತನಿಖೆಯ ನಂತರ ಇಂದ್ರಾಣಿ ಮುಖರ್ಜಿ ಹಾಗೂ ಪೀಟರ್ ಮುಖರ್ಜಿ ಅವರನ್ನು ಬಂಧಿಸಲಾಗಿತ್ತು. ಫೆಬ್ರವರಿ 2020 ರಲ್ಲಿ ಪೀಟರ್ ಮುಖರ್ಜಿ ಅವರಿಗೆ ಜಾಮೀನು ನೀಡಲಾಗಿತ್ತು.

ವಿವಾದಾತ್ಮಕ ಟ್ವೀಟ್: ಕಮಾಲ್ ಖಾನ್‌ಗೆ ಜಾಮೀನು

ಮುಂಬೈ: ನಟ ಅಕ್ಷಯ್ ಕುಮಾರ್ ಹಾಗೂ ಸಿನಿಮಾ ನಿರ್ದೇಶಕ ರಾಮ್ ಗೋಪಾಲ್ ವರ್ಮಾ ಬಗ್ಗೆ ವಿವಾದಾತ್ಮಕ ಟ್ವೀಟ್ ಮಾಡಿದ್ದ ಪ್ರಕರಣದಲ್ಲಿ ನಟ ಕಮಾಲ್ ಆರ್ ಖಾನ್ ಗೆ ಮುಂಬೈ ಕೋರ್ಟ್ ಜಾಮೀನು ಮಂಜೂರು ಮಾಡಿದೆ.

ಇದಕ್ಕೂ ಮುನ್ನ ಕಮಾಲ್ ಖಾನ್ ವಿರುದ್ಧ 2021 ರಲ್ಲಿ ದಾಖಲಾಗಿದ್ದ ಲೈಂಗಿಕ ಕಿರುಕುಳ ಪ್ರಕರಣದಲ್ಲಿ ಮುಂಬೈ ನ ಮತ್ತೊಂದು ಕೋರ್ಟ್ ಮಂಗಳವಾರದಂದು (ರೂ.06) ರಂದು ಜಾಮೀನು ಮಂಜೂರು ಮಾಡಿತ್ತು.

ವಿವಾದಾತ್ಮಕ ಟ್ವೀಟ್ ಪ್ರಕರಣದಲ್ಲಿ ಕಳೆದ ವಾರ ಖಾನ್ ಅವರನ್ನು ಮುಂಬೈ ವಿಮಾನ ನಿಲ್ದಾಣದಲ್ಲಿ ಪೊಲೀಸರು ಬಂಧಿಸಿದ್ದರು. 2020 ರಲ್ಲಿ ಮಾಡಿದ್ದ ಆಕ್ಷೇಪಾರ್ಹ ಟ್ವೀಟ್‌ಗೆ ಸಂಬಂಧಿಸಿದಂತೆ ಬೊರಿವಲಿ ನ್ಯಾಯಾಲಯ ಅವರಿಗೆ ಜಾಮೀನು ನೀಡಿತು. ಖಾನ್ ಅವರ ಸಾಮಾಜಿಕ ಜಾಲತಾಣದ ಬರಹಗಳು ಕೋಮು ಪ್ರಚೋದನಾಕಾರಿಯಾಗಿವೆ ಎಂದು ಆರೋಪಿಸಲಾಗಿತ್ತು. ಸಿನಿಮಾ ಕ್ಷೇತ್ರದಲ್ಲಿ ವಿಮರ್ಶಕರಾಗಿಯೂ ಖ್ಯಾತರಾದ ಕಮಾಲ್ ಖಾನ್ ಅವರ ಜಾಮೀನು ಅರ್ಜಿ ಪುರಸ್ಕರಿಸಿ ಕೋರ್ಟ್ ಆದೇಶ ನೀಡಿದೆ ಎಂದು ವಕೀಲರು ಹೇಳಿದರು.
